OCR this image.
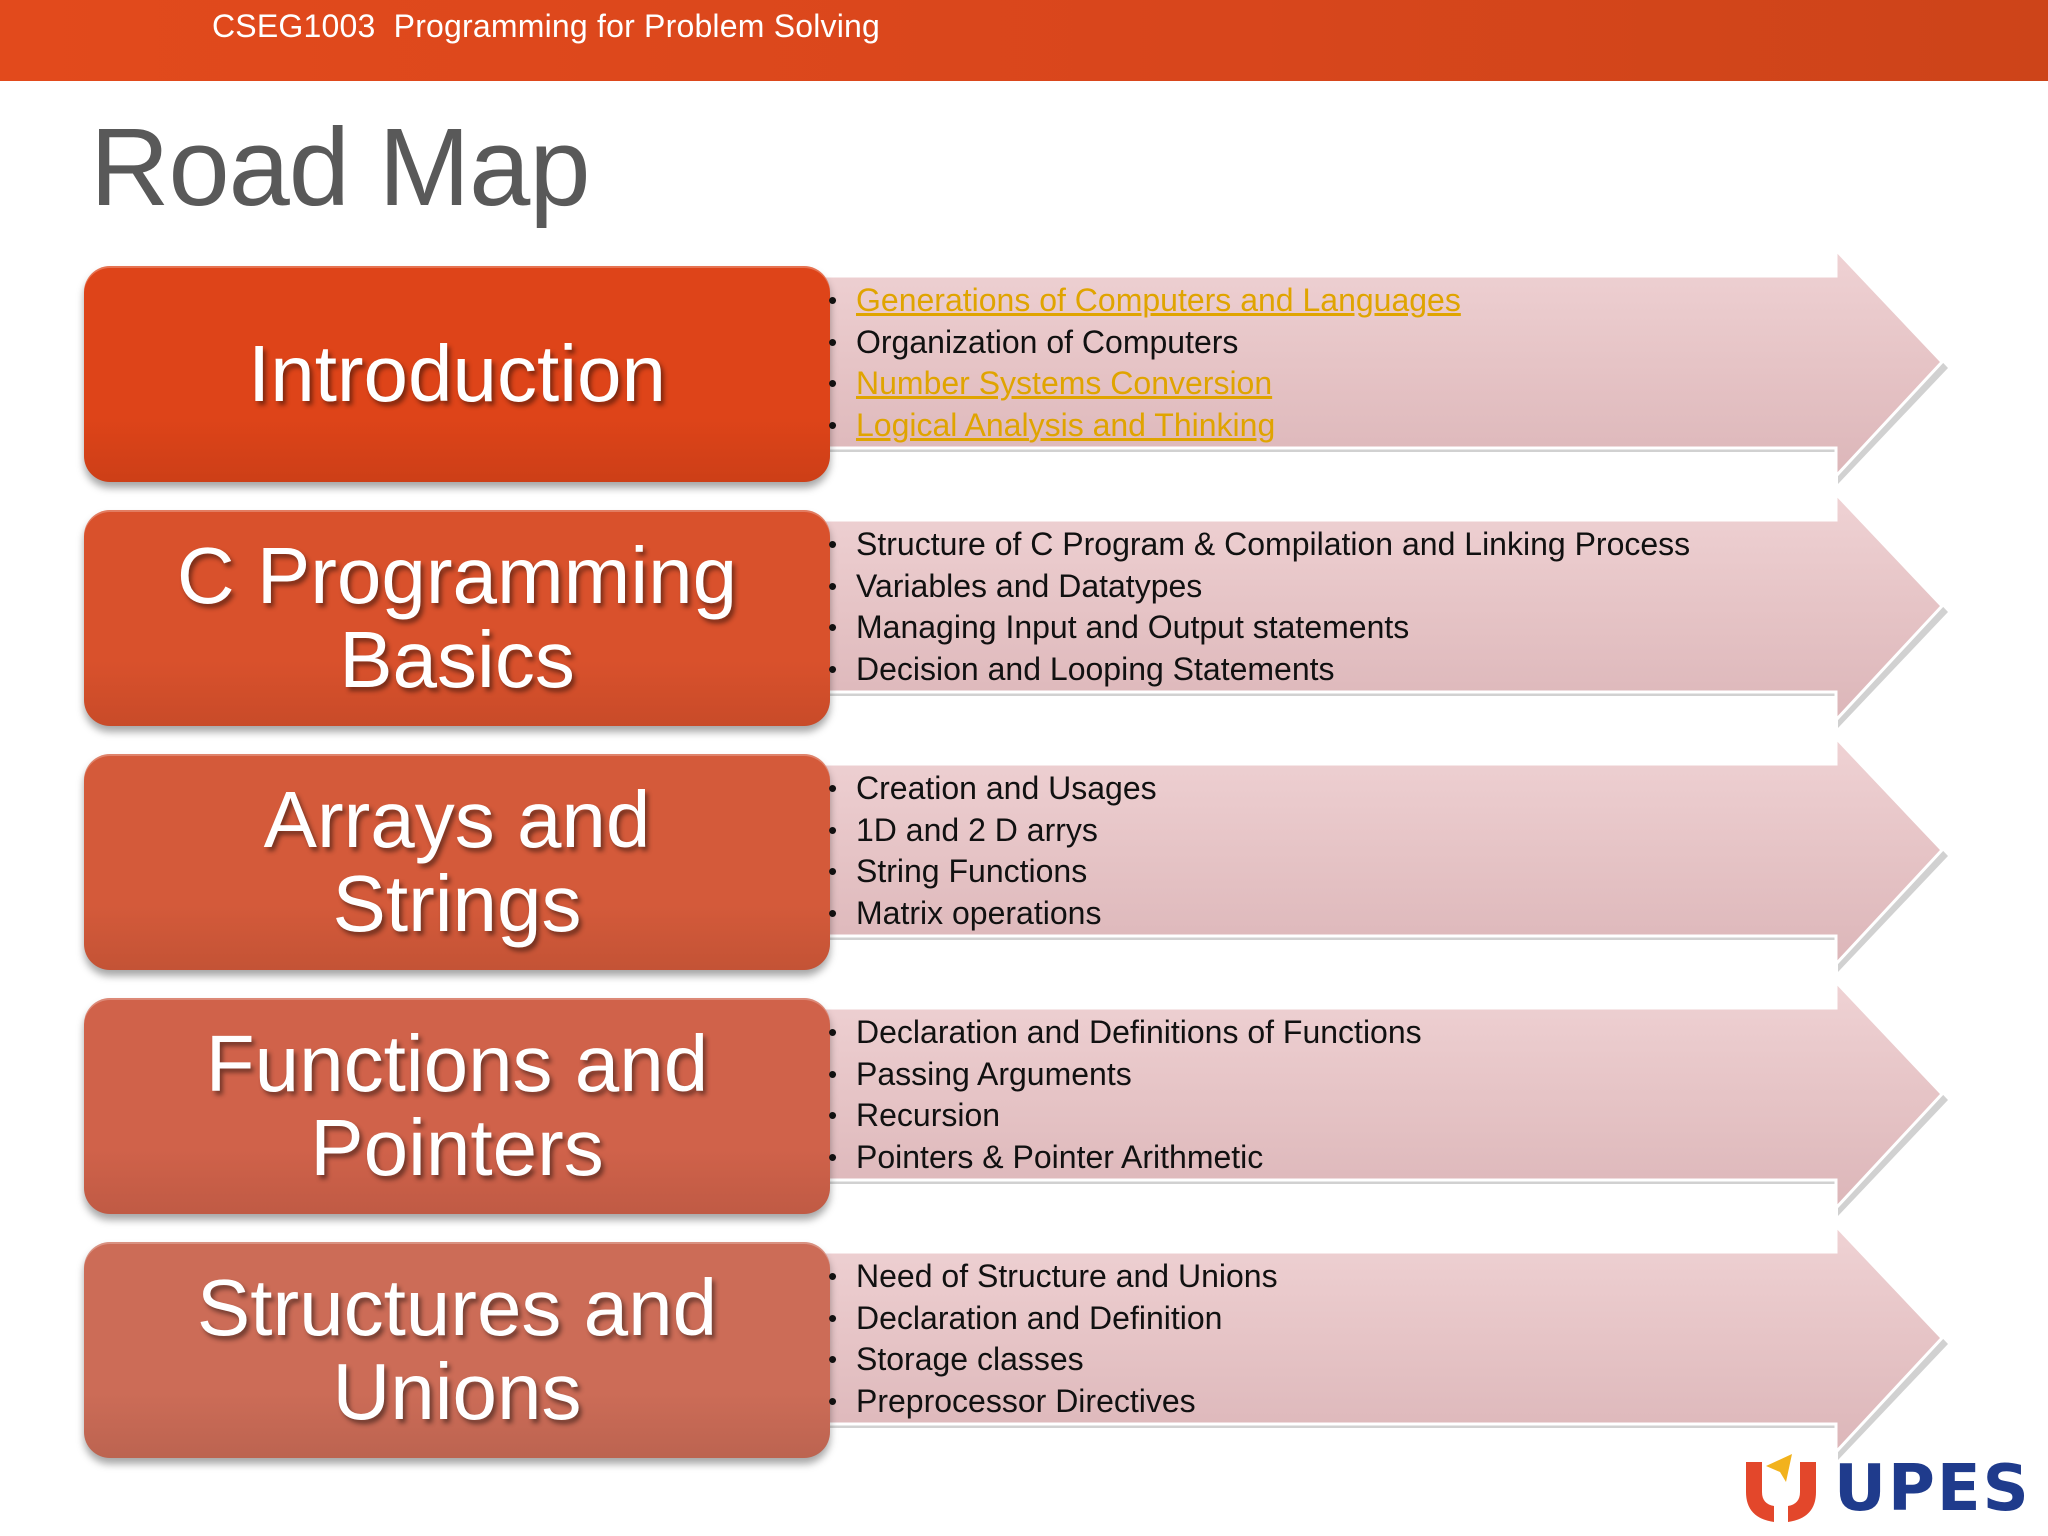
CSEG1003  Programming for Problem Solving
Road Map
Introduction
• Generations of Computers and Languages
• Organization of Computers
• Number Systems Conversion
• Logical Analysis and Thinking
C Programming
Basics
• Structure of C Program & Compilation and Linking Process
• Variables and Datatypes
• Managing Input and Output statements
• Decision and Looping Statements
Arrays and
Strings
• Creation and Usages
• 1D and 2 D arrys
• String Functions
• Matrix operations
Functions and
Pointers
• Declaration and Definitions of Functions
• Passing Arguments
• Recursion
• Pointers & Pointer Arithmetic
Structures and
Unions
• Need of Structure and Unions
• Declaration and Definition
• Storage classes
• Preprocessor Directives
UPES
